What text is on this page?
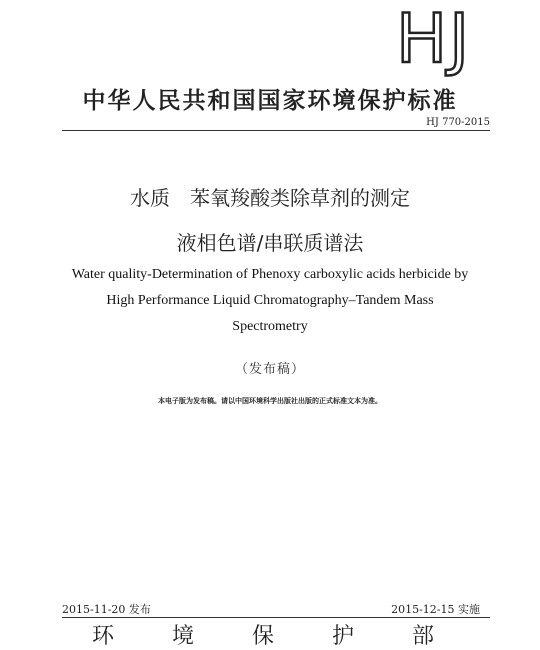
HJ
中华人民共和国国家环境保护标准
HJ 770-2015
水质　苯氧羧酸类除草剂的测定
液相色谱/串联质谱法
Water quality-Determination of Phenoxy carboxylic acids herbicide by
High Performance Liquid Chromatography–Tandem Mass
Spectrometry
（发布稿）
本电子版为发布稿。请以中国环境科学出版社出版的正式标准文本为准。
2015-11-20 发布	2015-12-15 实施
环	境	保	护	部
